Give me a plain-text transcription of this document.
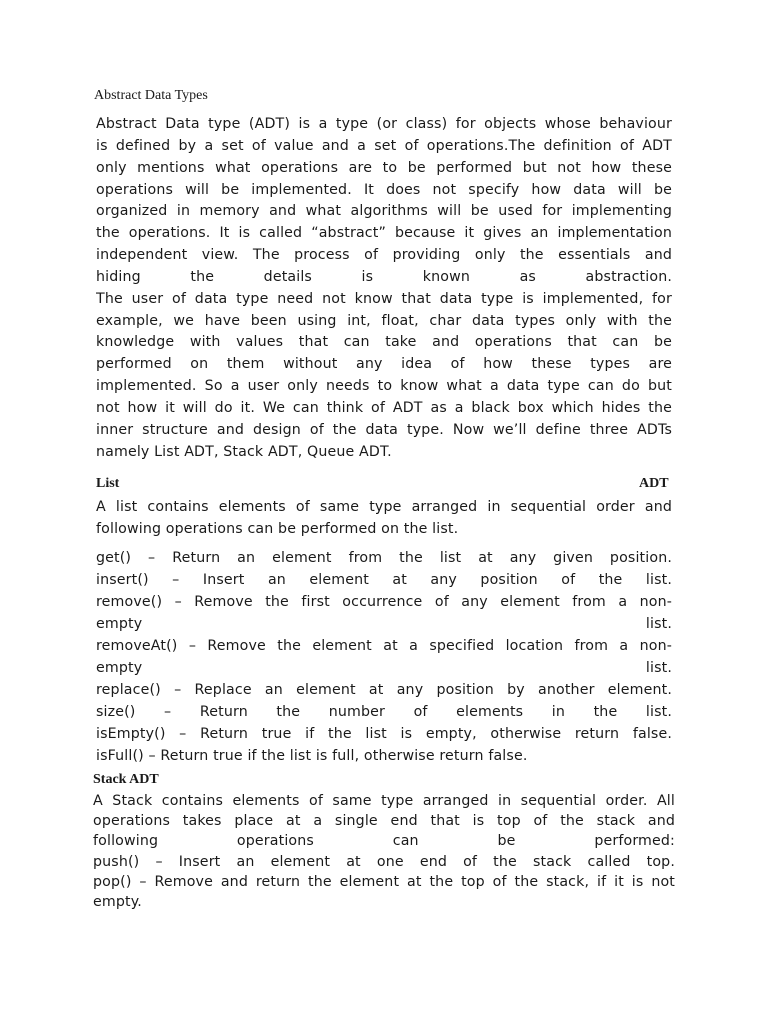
Abstract Data Types
Abstract Data type (ADT) is a type (or class) for objects whose behaviour
is defined by a set of value and a set of operations.The definition of ADT
only mentions what operations are to be performed but not how these
operations will be implemented. It does not specify how data will be
organized in memory and what algorithms will be used for implementing
the operations. It is called “abstract” because it gives an implementation
independent view. The process of providing only the essentials and
hiding the details is known as abstraction.
The user of data type need not know that data type is implemented, for
example, we have been using int, float, char data types only with the
knowledge with values that can take and operations that can be
performed on them without any idea of how these types are
implemented. So a user only needs to know what a data type can do but
not how it will do it. We can think of ADT as a black box which hides the
inner structure and design of the data type. Now we’ll define three ADTs
namely List ADT, Stack ADT, Queue ADT.
List	ADT
A list contains elements of same type arranged in sequential order and
following operations can be performed on the list.
get() – Return an element from the list at any given position.
insert() – Insert an element at any position of the list.
remove() – Remove the first occurrence of any element from a non-
empty list.
removeAt() – Remove the element at a specified location from a non-
empty list.
replace() – Replace an element at any position by another element.
size() – Return the number of elements in the list.
isEmpty() – Return true if the list is empty, otherwise return false.
isFull() – Return true if the list is full, otherwise return false.
Stack ADT
A Stack contains elements of same type arranged in sequential order. All
operations takes place at a single end that is top of the stack and
following operations can be performed:
push() – Insert an element at one end of the stack called top.
pop() – Remove and return the element at the top of the stack, if it is not
empty.
